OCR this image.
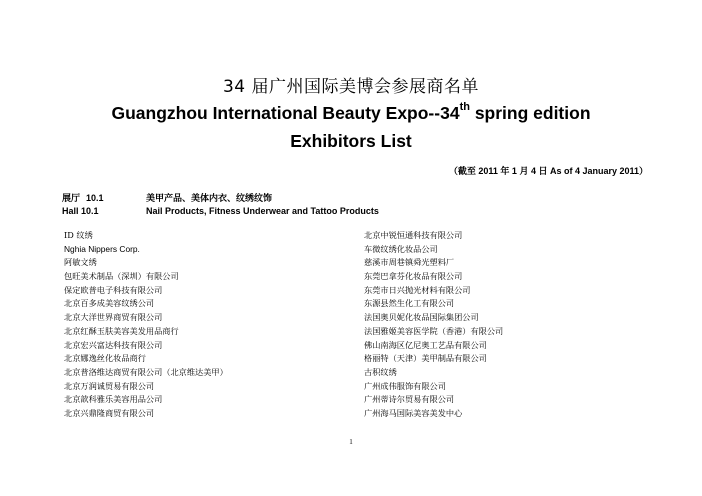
34 届广州国际美博会参展商名单
Guangzhou International Beauty Expo--34th spring edition
Exhibitors List
（截至 2011 年 1 月 4 日 As of 4 January 2011）
展厅 10.1	美甲产品、美体内衣、纹绣纹饰
Hall 10.1	Nail Products, Fitness Underwear and Tattoo Products
ID 纹绣
Nghia Nippers Corp.
阿敏文绣
包旺美术制品（深圳）有限公司
保定欧普电子科技有限公司
北京百多成美容纹绣公司
北京大洋世界商贸有限公司
北京红酥玉肤美容美发用品商行
北京宏兴富达科技有限公司
北京娜逸丝化妆品商行
北京普洛维达商贸有限公司（北京维达美甲）
北京万润诚贸易有限公司
北京歆科雅乐美容用品公司
北京兴鼎隆商贸有限公司
北京中锐恒通科技有限公司
车微纹绣化妆品公司
慈溪市周巷镇舜光塑料厂
东莞巴拿芬化妆品有限公司
东莞市日兴抛光材料有限公司
东源县然生化工有限公司
法国奥贝妮化妆品国际集团公司
法国雅姬美容医学院（香港）有限公司
佛山南海区亿尼奥工艺品有限公司
格丽特（天津）美甲制品有限公司
古积纹绣
广州成伟服饰有限公司
广州蒂诗尔贸易有限公司
广州海马国际美容美发中心
1
